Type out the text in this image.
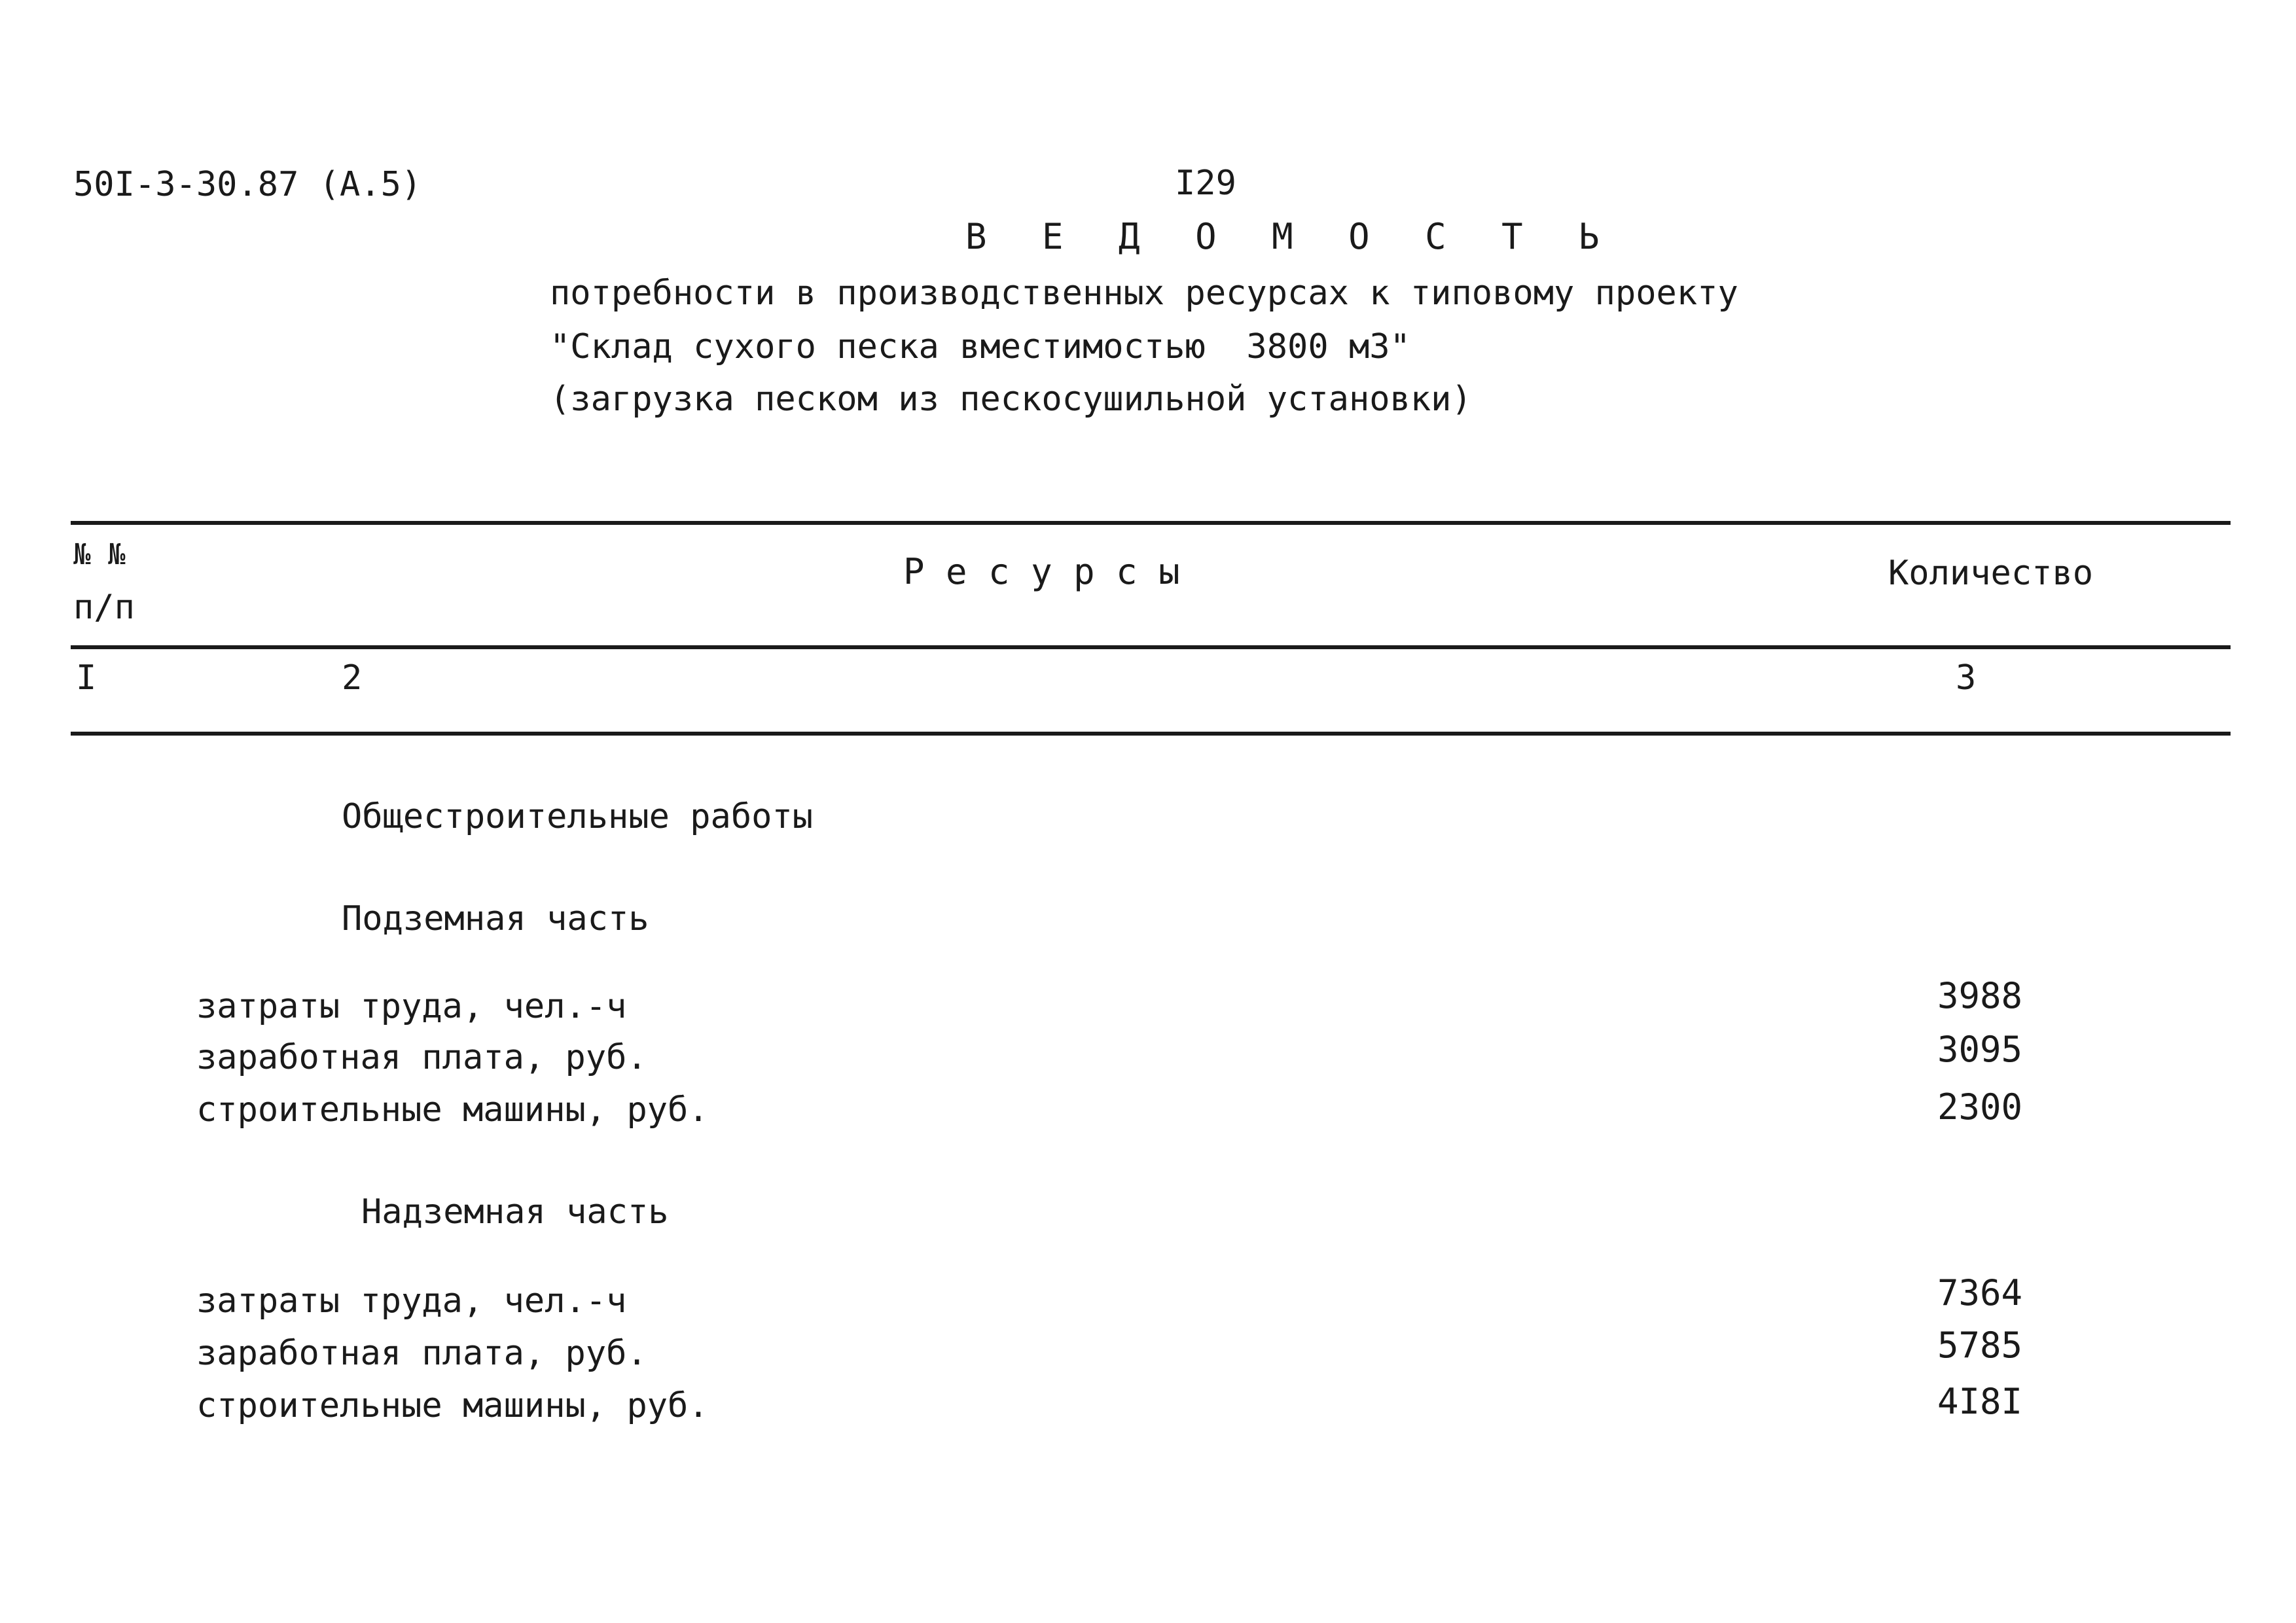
50I-3-30.87 (A.5)	I29
В Е Д О М О С Т Ь
потребности в производственных ресурсах к типовому проекту
"Склад сухого песка вместимостью  3800 м3"
(загрузка песком из пескосушильной установки)
№ №
п/п
Р е с у р с ы	Количество
I	2	3
Общестроительные работы
Подземная часть
затраты труда, чел.-ч	3988
заработная плата, руб.	3095
строительные машины, руб.	2300
Надземная часть
затраты труда, чел.-ч	7364
заработная плата, руб.	5785
строительные машины, руб.	4I8I
